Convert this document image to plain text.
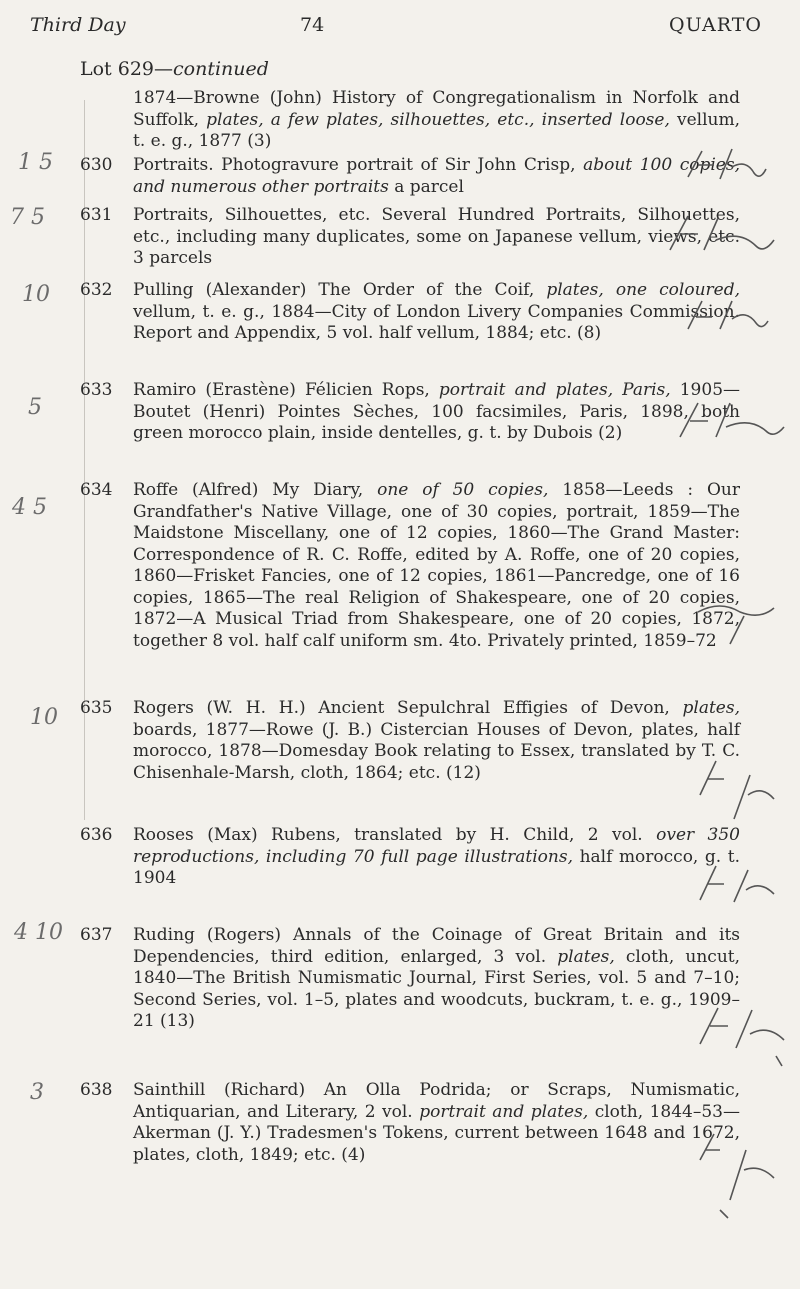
Third Day	74	QUARTO
Lot 629—continued
1874—Browne (John) History of Congregationalism in Norfolk and Suffolk, plates, a few plates, silhouettes, etc., inserted loose, vellum, t. e. g., 1877 (3)
630	Portraits. Photogravure portrait of Sir John Crisp, about 100 copies, and numerous other portraits a parcel
631	Portraits, Silhouettes, etc. Several Hundred Portraits, Silhouettes, etc., including many duplicates, some on Japanese vellum, views, etc. 3 parcels
632	Pulling (Alexander) The Order of the Coif, plates, one coloured, vellum, t. e. g., 1884—City of London Livery Companies Commission. Report and Appendix, 5 vol. half vellum, 1884; etc. (8)
633	Ramiro (Erastène) Félicien Rops, portrait and plates, Paris, 1905—Boutet (Henri) Pointes Sèches, 100 facsimiles, Paris, 1898, both green morocco plain, inside dentelles, g. t. by Dubois (2)
634	Roffe (Alfred) My Diary, one of 50 copies, 1858—Leeds : Our Grandfather's Native Village, one of 30 copies, portrait, 1859—The Maidstone Miscellany, one of 12 copies, 1860—The Grand Master: Correspondence of R. C. Roffe, edited by A. Roffe, one of 20 copies, 1860—Frisket Fancies, one of 12 copies, 1861—Pancredge, one of 16 copies, 1865—The real Religion of Shakespeare, one of 20 copies, 1872—A Musical Triad from Shakespeare, one of 20 copies, 1872, together 8 vol. half calf uniform sm. 4to. Privately printed, 1859–72
635	Rogers (W. H. H.) Ancient Sepulchral Effigies of Devon, plates, boards, 1877—Rowe (J. B.) Cistercian Houses of Devon, plates, half morocco, 1878—Domesday Book relating to Essex, translated by T. C. Chisenhale-Marsh, cloth, 1864; etc. (12)
636	Rooses (Max) Rubens, translated by H. Child, 2 vol. over 350 reproductions, including 70 full page illustrations, half morocco, g. t. 1904
637	Ruding (Rogers) Annals of the Coinage of Great Britain and its Dependencies, third edition, enlarged, 3 vol. plates, cloth, uncut, 1840—The British Numismatic Journal, First Series, vol. 5 and 7–10; Second Series, vol. 1–5, plates and woodcuts, buckram, t. e. g., 1909–21 (13)
638	Sainthill (Richard) An Olla Podrida; or Scraps, Numismatic, Antiquarian, and Literary, 2 vol. portrait and plates, cloth, 1844–53—Akerman (J. Y.) Tradesmen's Tokens, current between 1648 and 1672, plates, cloth, 1849; etc. (4)
1 5
7 5
10
5
4 5
10
4 10
3
